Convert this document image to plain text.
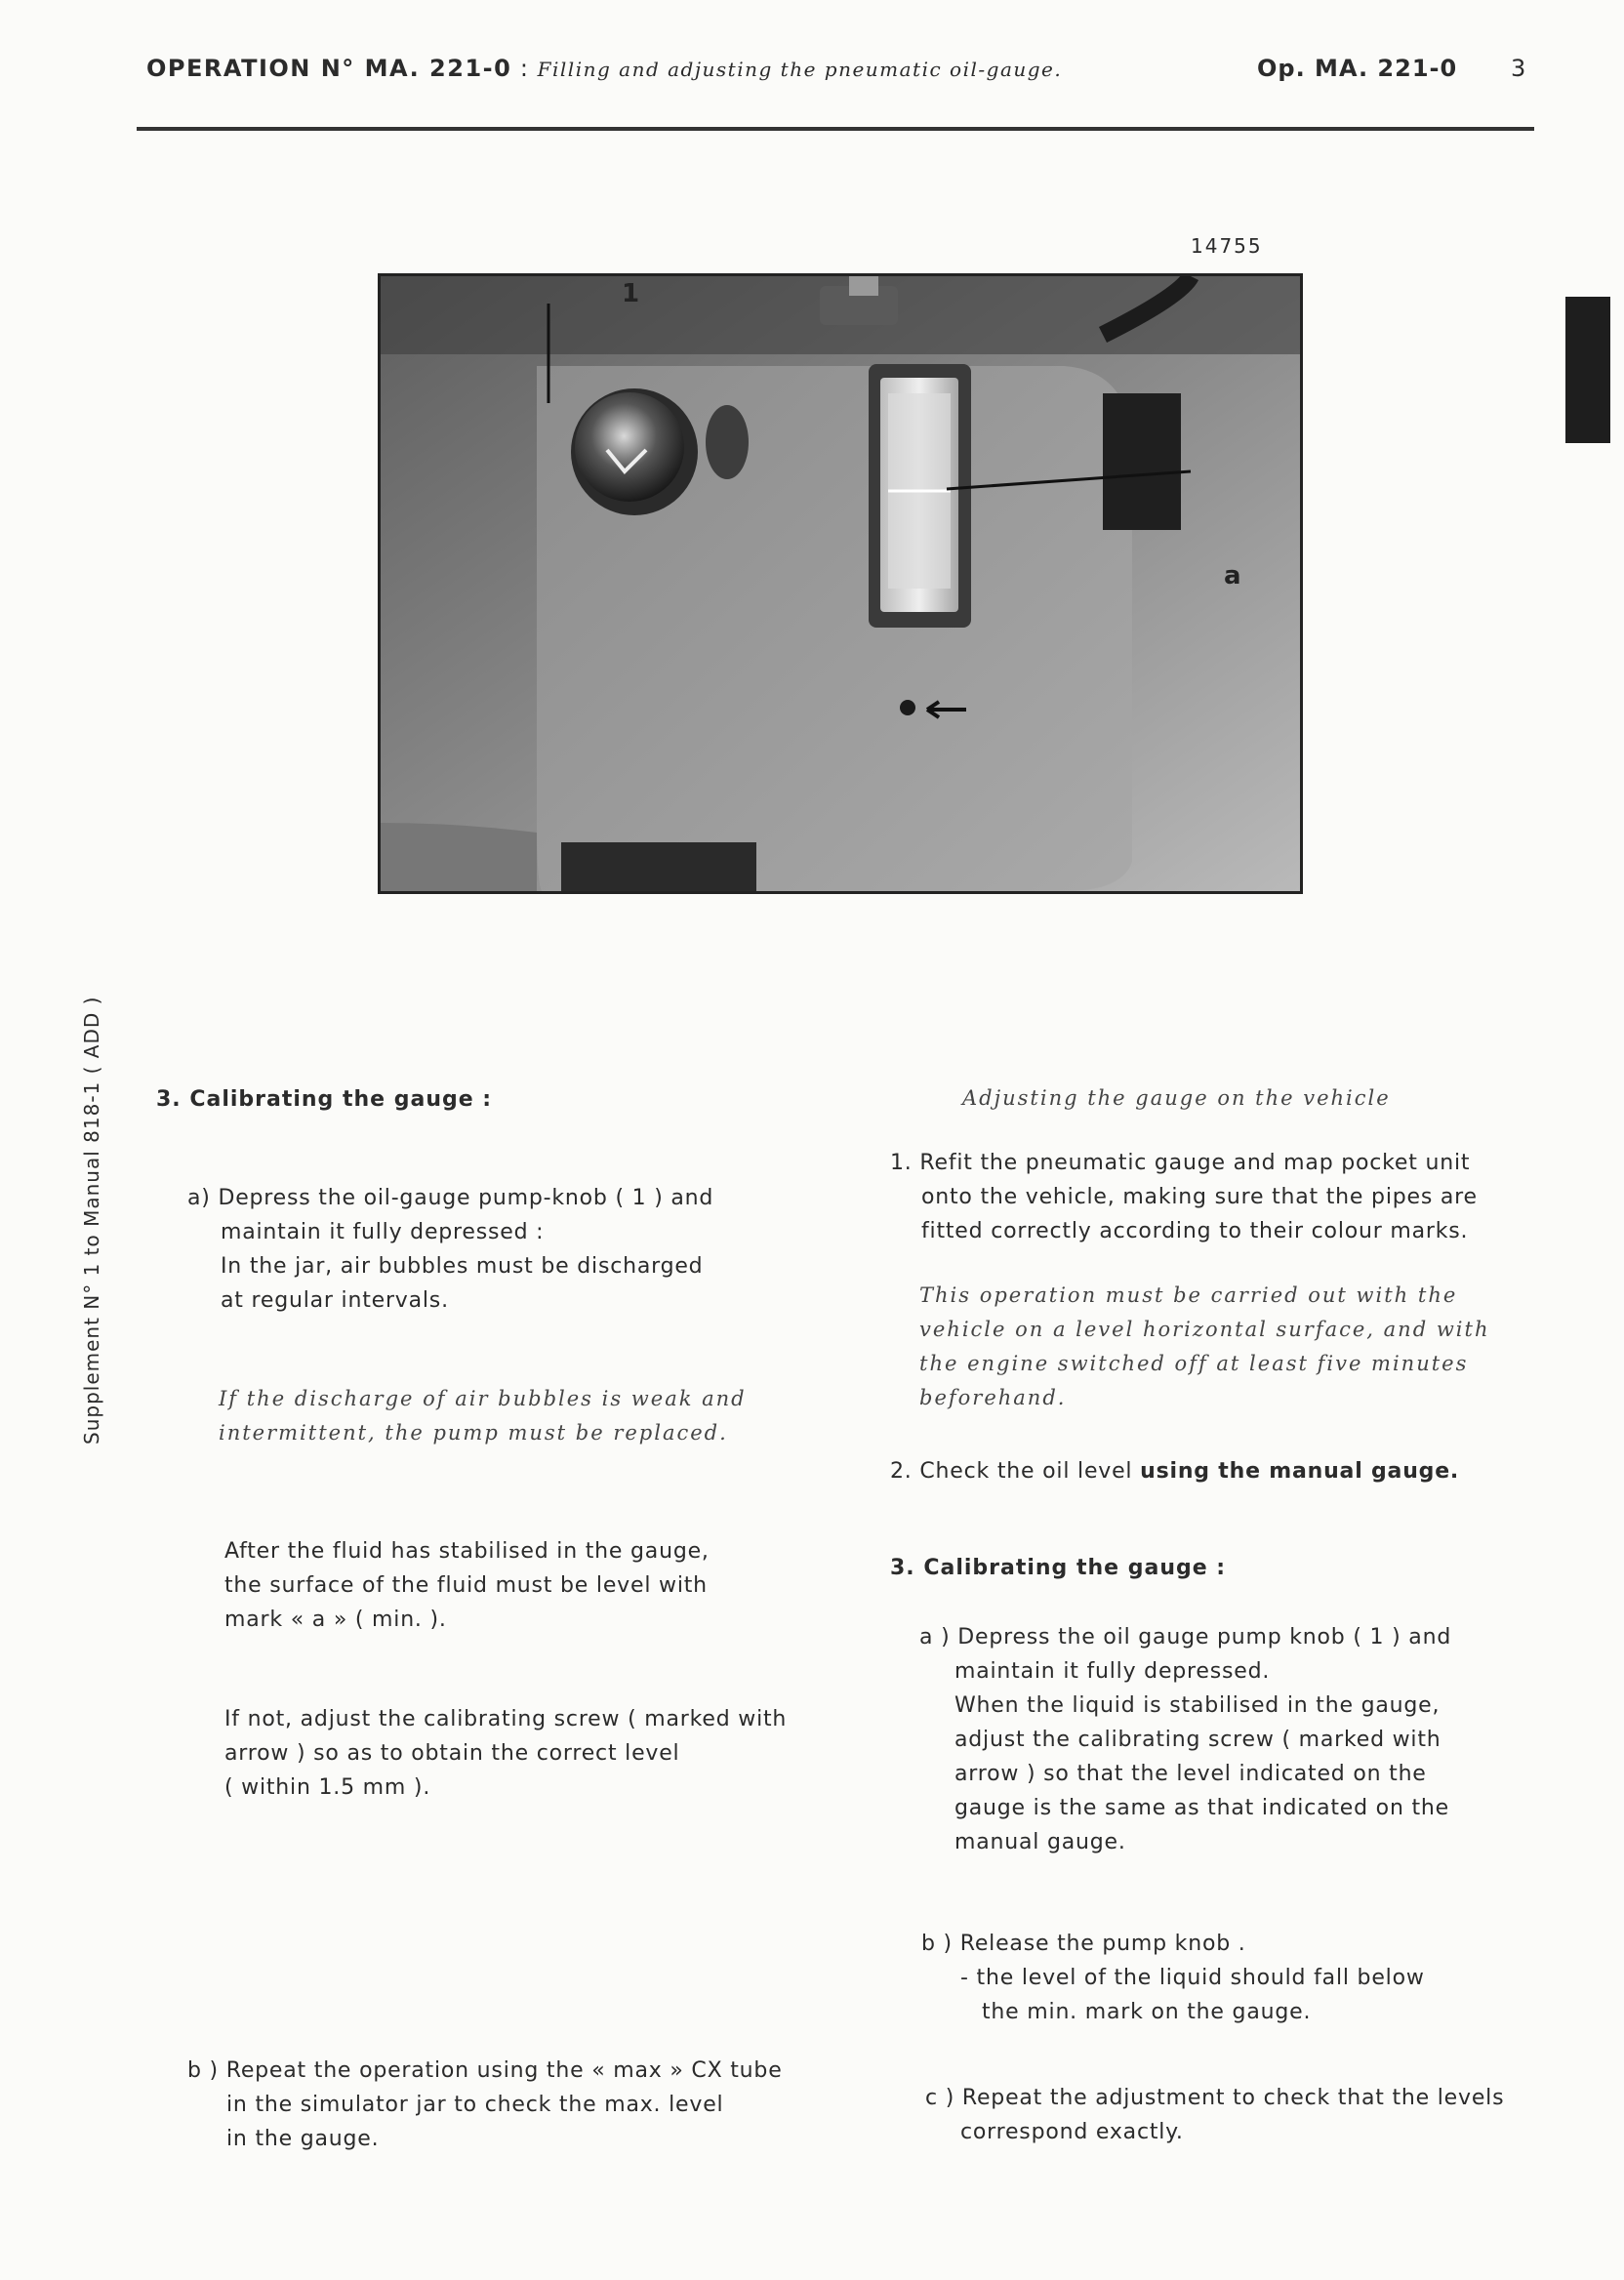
OPERATION N° MA. 221-0 : Filling and adjusting the pneumatic oil-gauge.	Op. MA. 221-0 3
14755
1
a
Supplement N° 1 to Manual 818-1 ( ADD ) 3. Calibrating the gauge :
a) Depress the oil-gauge pump-knob ( 1 ) and
maintain it fully depressed :
In the jar, air bubbles must be discharged
at regular intervals.
If the discharge of air bubbles is weak and
intermittent, the pump must be replaced.
After the fluid has stabilised in the gauge,
the surface of the fluid must be level with
mark « a » ( min. ).
If not, adjust the calibrating screw ( marked with
arrow ) so as to obtain the correct level
( within 1.5 mm ).
b ) Repeat the operation using the « max » CX tube
in the simulator jar to check the max. level
in the gauge.
Adjusting the gauge on the vehicle
1. Refit the pneumatic gauge and map pocket unit
onto the vehicle, making sure that the pipes are
fitted correctly according to their colour marks.
This operation must be carried out with the
vehicle on a level horizontal surface, and with
the engine switched off at least five minutes
beforehand.
2. Check the oil level using the manual gauge.
3. Calibrating the gauge :
a ) Depress the oil gauge pump knob ( 1 ) and
maintain it fully depressed.
When the liquid is stabilised in the gauge,
adjust the calibrating screw ( marked with
arrow ) so that the level indicated on the
gauge is the same as that indicated on the
manual gauge.
b ) Release the pump knob .
- the level of the liquid should fall below
the min. mark on the gauge.
c ) Repeat the adjustment to check that the levels
correspond exactly.
